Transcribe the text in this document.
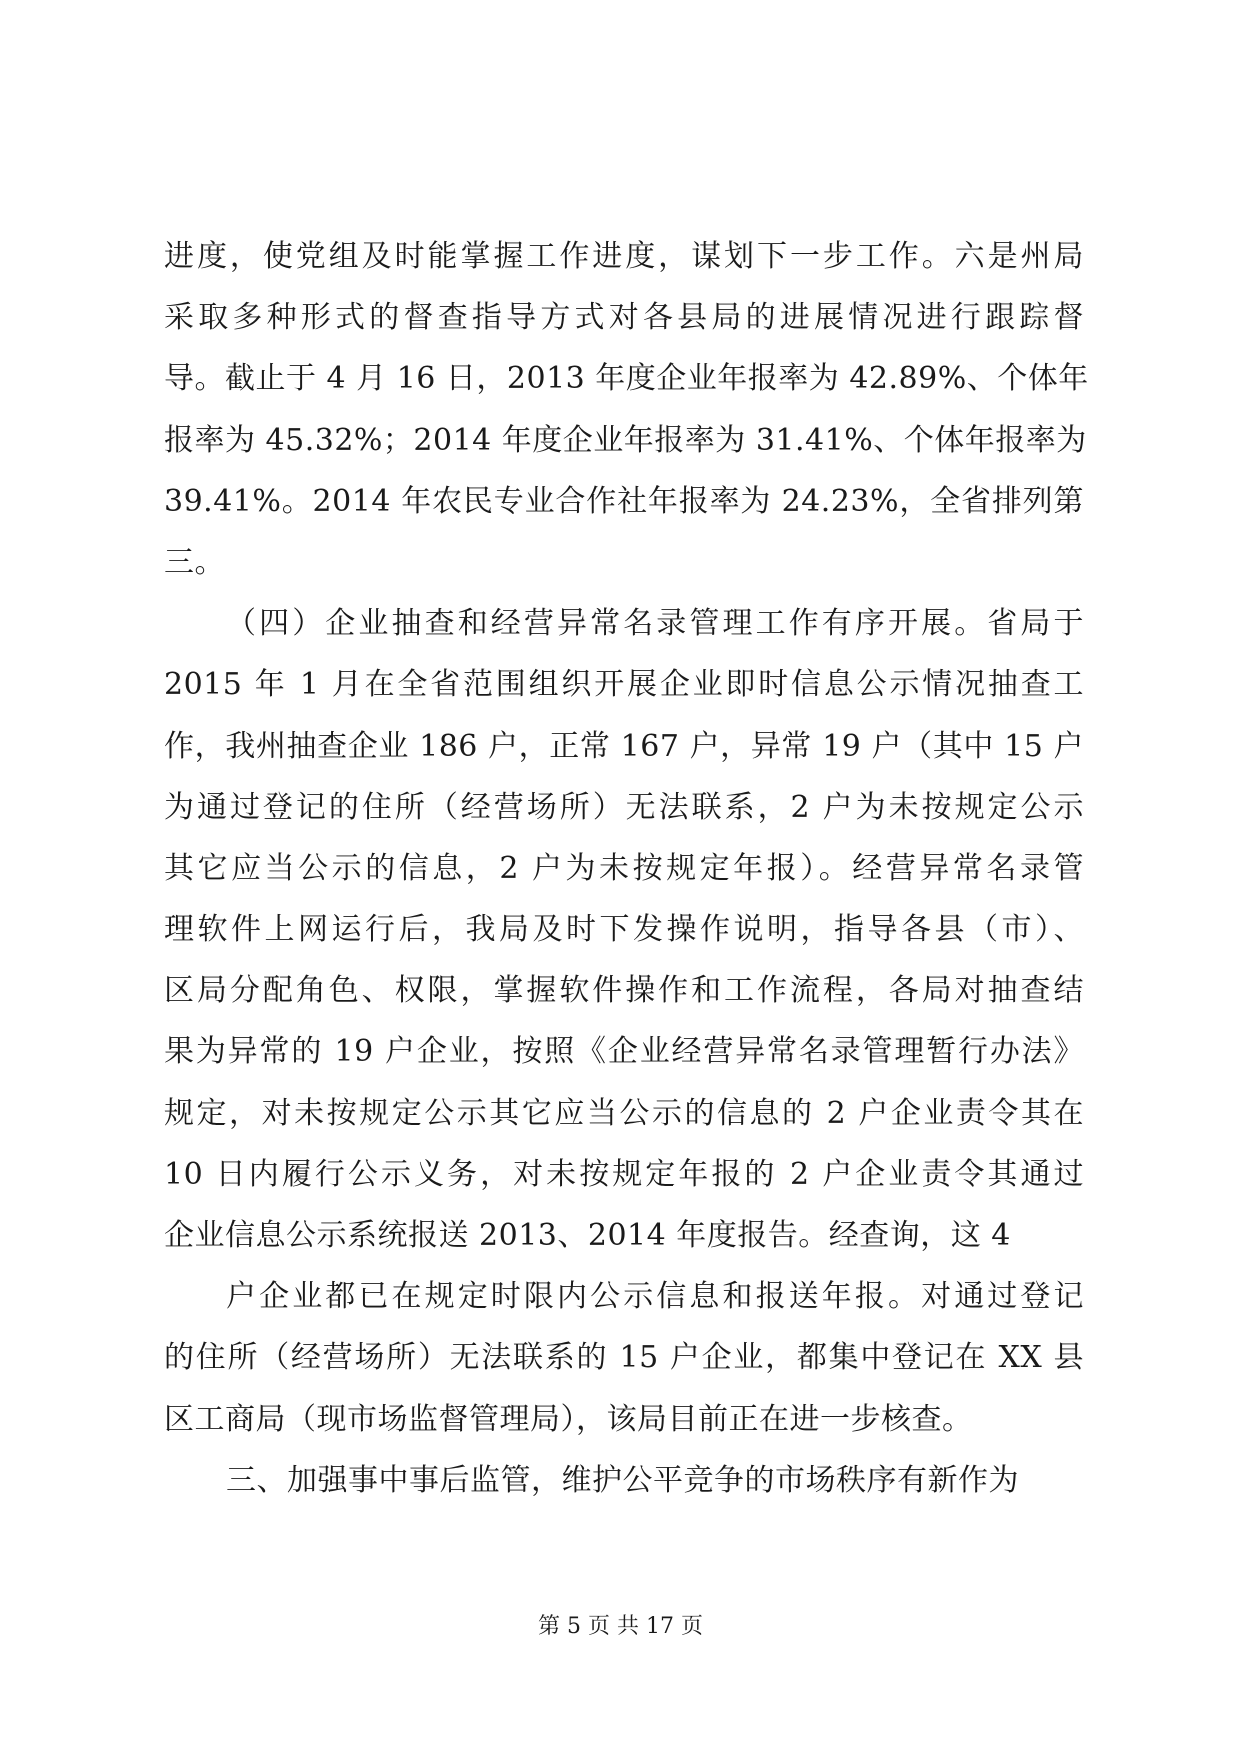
进度，使党组及时能掌握工作进度，谋划下一步工作。六是州局
采取多种形式的督查指导方式对各县局的进展情况进行跟踪督
导。截止于 4 月 16 日，2013 年度企业年报率为 42.89%、个体年
报率为 45.32%；2014 年度企业年报率为 31.41%、个体年报率为
39.41%。2014 年农民专业合作社年报率为 24.23%，全省排列第
三。
（四）企业抽查和经营异常名录管理工作有序开展。省局于
2015 年 1 月在全省范围组织开展企业即时信息公示情况抽查工
作，我州抽查企业 186 户，正常 167 户，异常 19 户（其中 15 户
为通过登记的住所（经营场所）无法联系，2 户为未按规定公示
其它应当公示的信息，2 户为未按规定年报）。经营异常名录管
理软件上网运行后，我局及时下发操作说明，指导各县（市）、
区局分配角色、权限，掌握软件操作和工作流程，各局对抽查结
果为异常的 19 户企业，按照《企业经营异常名录管理暂行办法》
规定，对未按规定公示其它应当公示的信息的 2 户企业责令其在
10 日内履行公示义务，对未按规定年报的 2 户企业责令其通过
企业信息公示系统报送 2013、2014 年度报告。经查询，这 4
户企业都已在规定时限内公示信息和报送年报。对通过登记
的住所（经营场所）无法联系的 15 户企业，都集中登记在 XX 县
区工商局（现市场监督管理局），该局目前正在进一步核查。
三、加强事中事后监管，维护公平竞争的市场秩序有新作为
第 5 页 共 17 页
